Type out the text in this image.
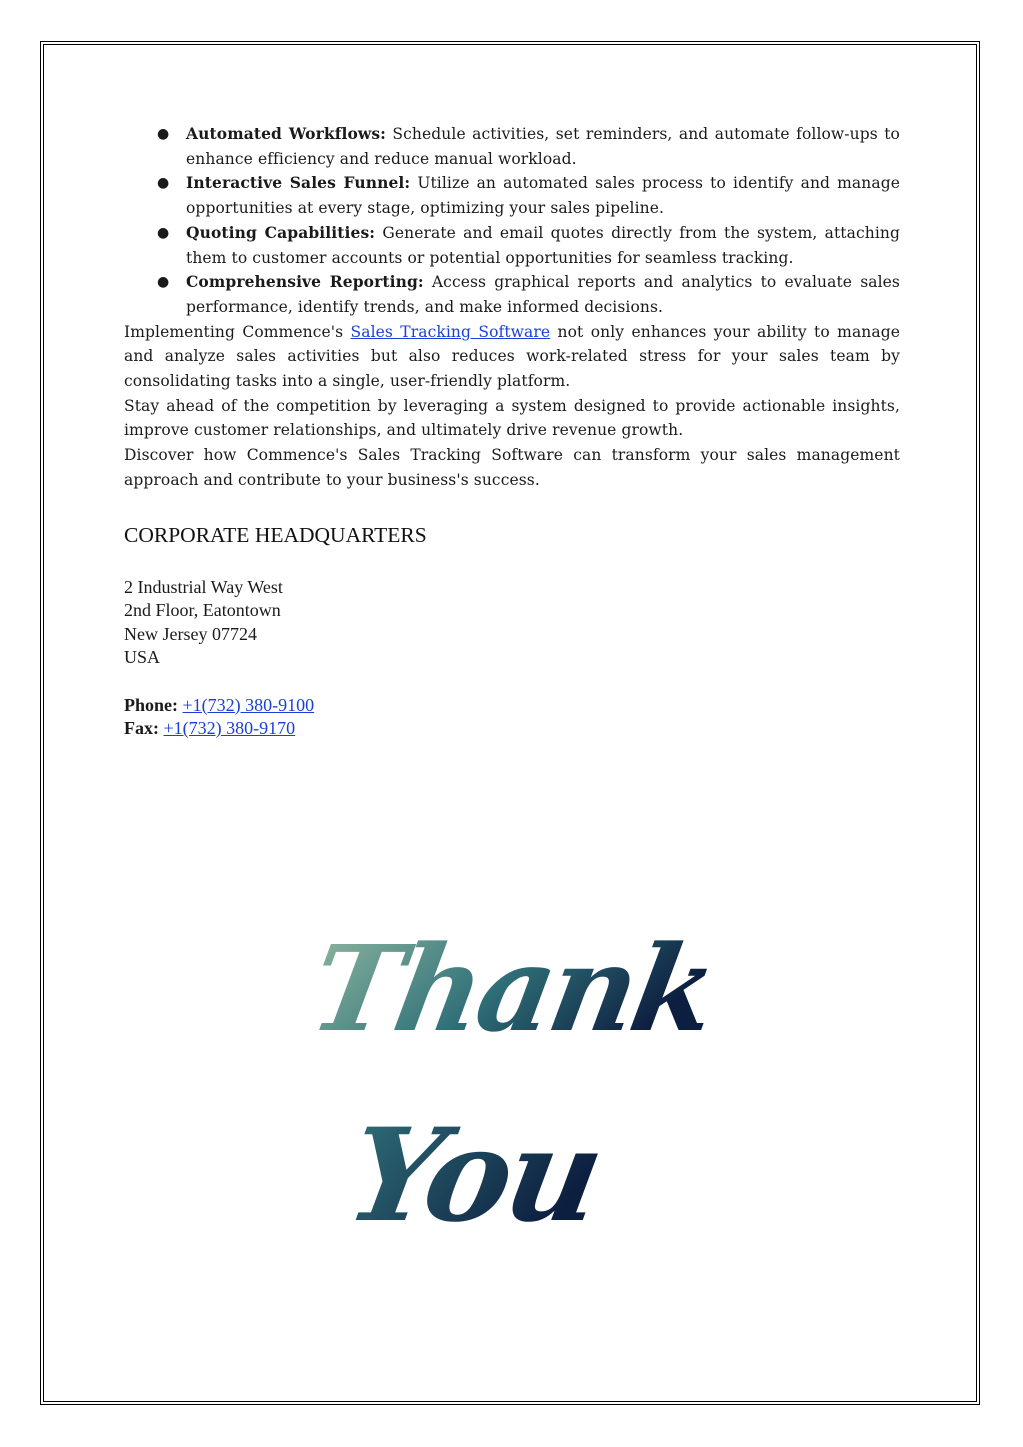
● Automated Workflows: Schedule activities, set reminders, and automate follow-ups to enhance efficiency and reduce manual workload.
● Interactive Sales Funnel: Utilize an automated sales process to identify and manage opportunities at every stage, optimizing your sales pipeline.
● Quoting Capabilities: Generate and email quotes directly from the system, attaching them to customer accounts or potential opportunities for seamless tracking.
● Comprehensive Reporting: Access graphical reports and analytics to evaluate sales performance, identify trends, and make informed decisions.

Implementing Commence's Sales Tracking Software not only enhances your ability to manage and analyze sales activities but also reduces work-related stress for your sales team by consolidating tasks into a single, user-friendly platform.

Stay ahead of the competition by leveraging a system designed to provide actionable insights, improve customer relationships, and ultimately drive revenue growth.

Discover how Commence's Sales Tracking Software can transform your sales management approach and contribute to your business's success.

CORPORATE HEADQUARTERS
2 Industrial Way West
2nd Floor, Eatontown
New Jersey 07724
USA
Phone: +1(732) 380-9100
Fax: +1(732) 380-9170
Thank
You
